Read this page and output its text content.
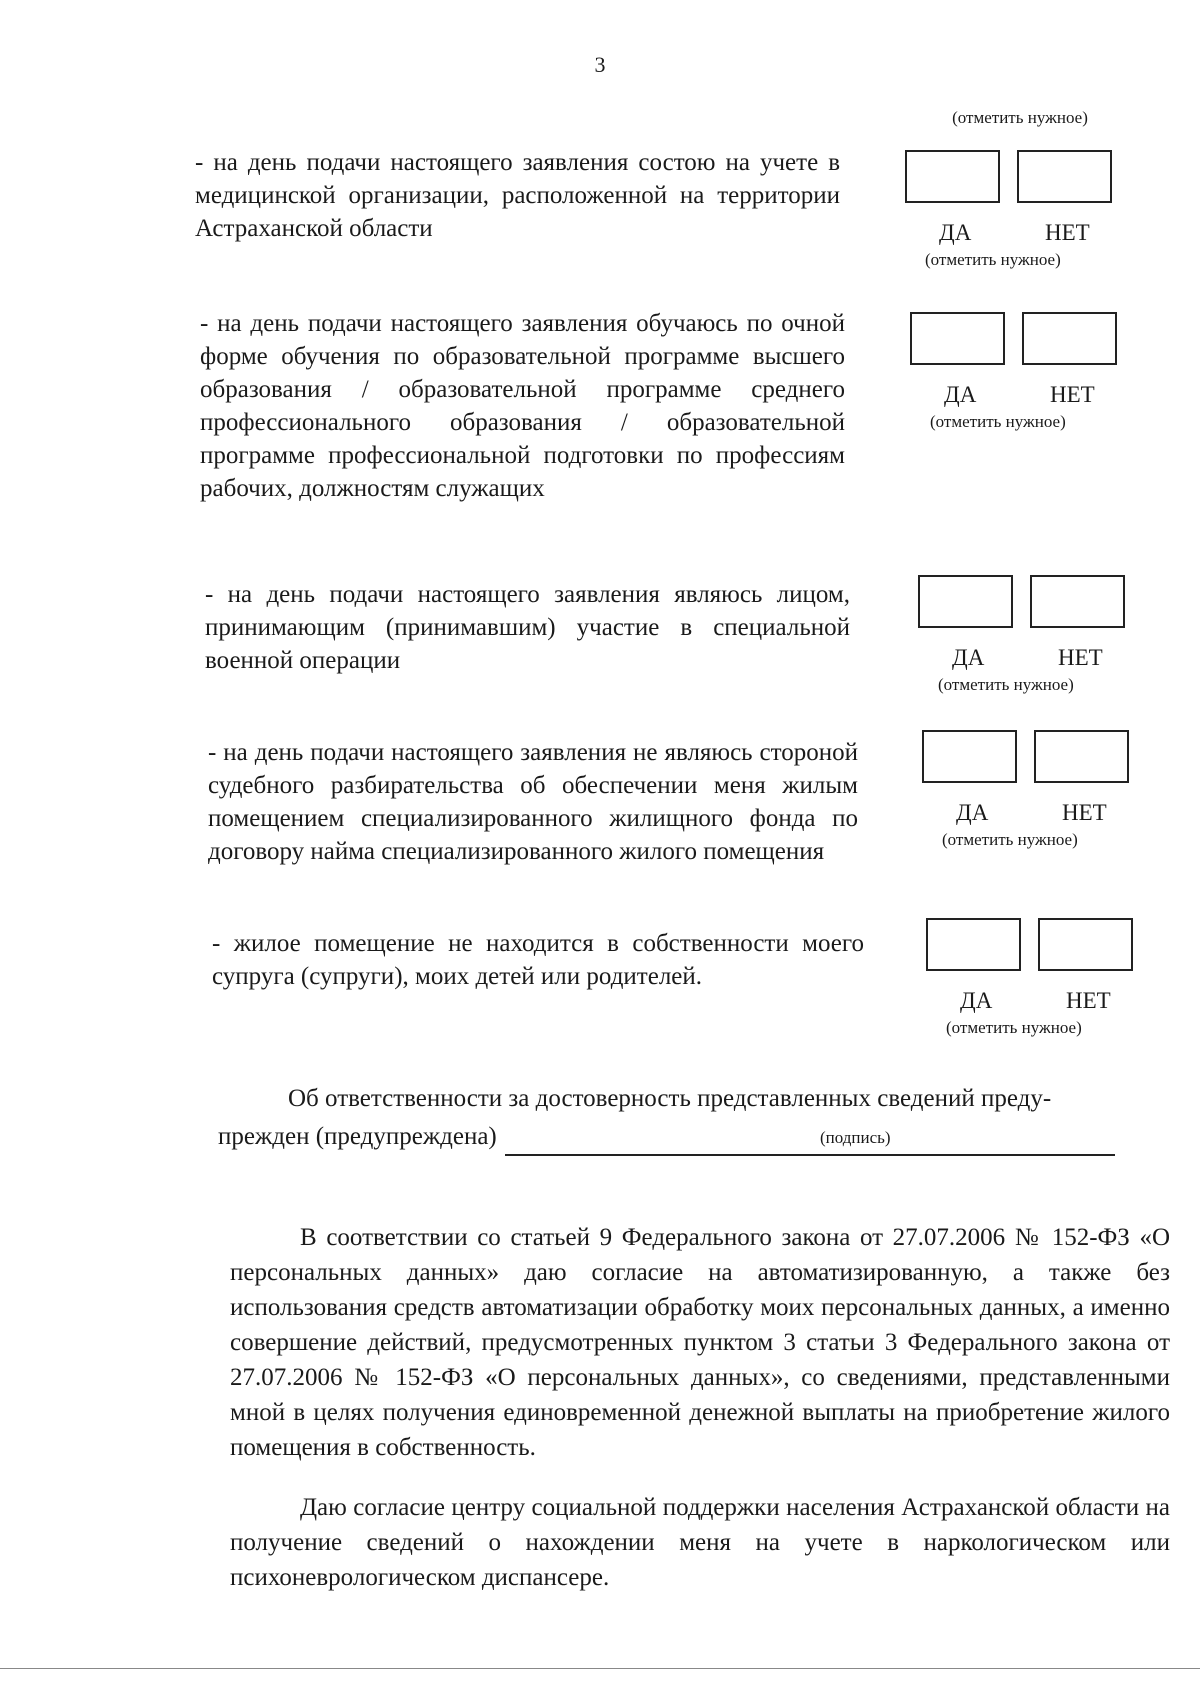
3
(отметить нужное)
- на день подачи настоящего заявления состою на учете в медицинской организации, расположенной на территории Астраханской области	ДА	НЕТ
(отметить нужное)
- на день подачи настоящего заявления обучаюсь по очной форме обучения по образовательной программе высшего образования / образовательной программе среднего профессионального образования / образовательной программе профессиональной подготовки по профессиям рабочих, должностям служащих
ДА	НЕТ
(отметить нужное)
- на день подачи настоящего заявления являюсь лицом, принимающим (принимавшим) участие в специальной военной операции	ДА	НЕТ
(отметить нужное)
- на день подачи настоящего заявления не являюсь стороной судебного разбирательства об обеспечении меня жилым помещением специализированного жилищного фонда по договору найма специализированного жилого помещения
ДА	НЕТ
(отметить нужное)
- жилое помещение не находится в собственности моего супруга (супруги), моих детей или родителей.
ДА	НЕТ
(отметить нужное)
Об ответственности за достоверность представленных сведений преду-
прежден (предупреждена)	(подпись)
В соответствии со статьей 9 Федерального закона от 27.07.2006 № 152-ФЗ «О персональных данных» даю согласие на автоматизированную, а также без использования средств автоматизации обработку моих персональных данных, а именно совершение действий, предусмотренных пунктом 3 статьи 3 Федерального закона от 27.07.2006 № 152-ФЗ «О персональных данных», со сведениями, представленными мной в целях получения единовременной денежной выплаты на приобретение жилого помещения в собственность.
Даю согласие центру социальной поддержки населения Астраханской области на получение сведений о нахождении меня на учете в наркологическом или психоневрологическом диспансере.
